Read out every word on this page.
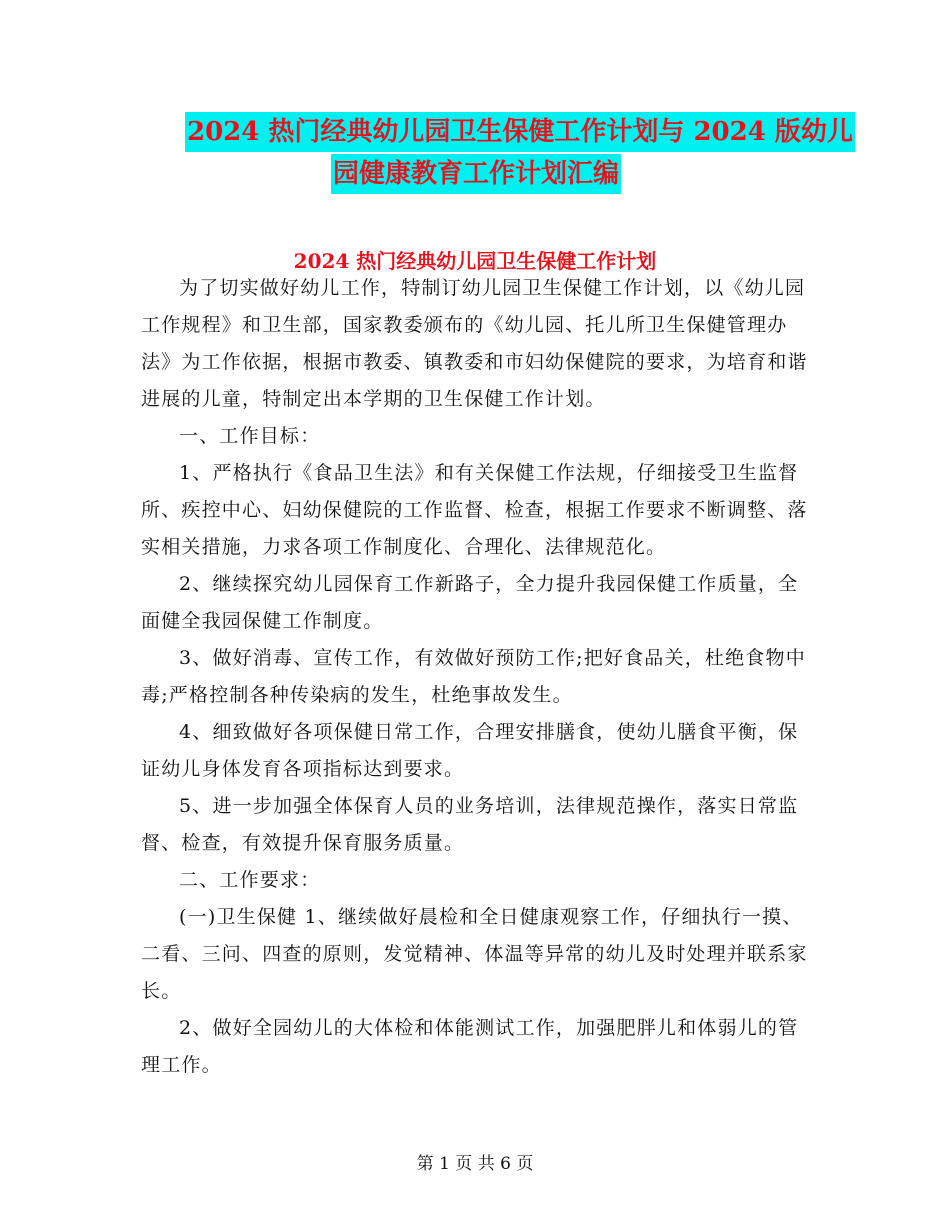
2024 热门经典幼儿园卫生保健工作计划与 2024 版幼儿
园健康教育工作计划汇编
2024 热门经典幼儿园卫生保健工作计划

为了切实做好幼儿工作，特制订幼儿园卫生保健工作计划，以《幼儿园工作规程》和卫生部，国家教委颁布的《幼儿园、托儿所卫生保健管理办法》为工作依据，根据市教委、镇教委和市妇幼保健院的要求，为培育和谐进展的儿童，特制定出本学期的卫生保健工作计划。

一、工作目标：

1、严格执行《食品卫生法》和有关保健工作法规，仔细接受卫生监督所、疾控中心、妇幼保健院的工作监督、检查，根据工作要求不断调整、落实相关措施，力求各项工作制度化、合理化、法律规范化。

2、继续探究幼儿园保育工作新路子，全力提升我园保健工作质量，全面健全我园保健工作制度。

3、做好消毒、宣传工作，有效做好预防工作;把好食品关，杜绝食物中毒;严格控制各种传染病的发生，杜绝事故发生。

4、细致做好各项保健日常工作，合理安排膳食，使幼儿膳食平衡，保证幼儿身体发育各项指标达到要求。

5、进一步加强全体保育人员的业务培训，法律规范操作，落实日常监督、检查，有效提升保育服务质量。

二、工作要求：

(一)卫生保健 1、继续做好晨检和全日健康观察工作，仔细执行一摸、二看、三问、四查的原则，发觉精神、体温等异常的幼儿及时处理并联系家长。

2、做好全园幼儿的大体检和体能测试工作，加强肥胖儿和体弱儿的管理工作。

第 1 页 共 6 页
